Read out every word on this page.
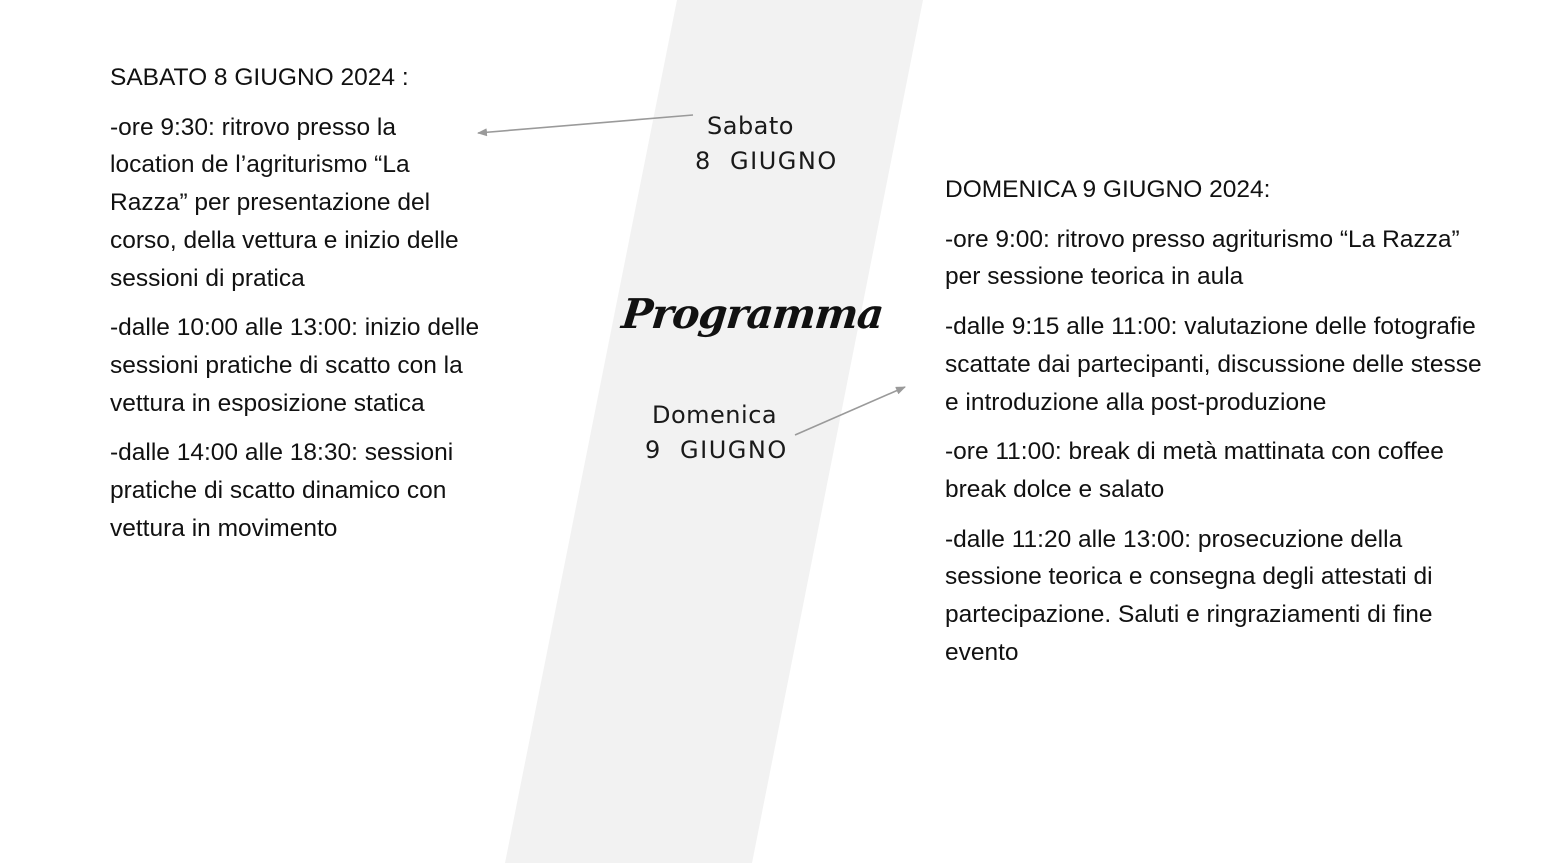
SABATO 8 GIUGNO 2024 :
-ore 9:30: ritrovo presso la location de l’agriturismo “La Razza” per presentazione del corso, della vettura e inizio delle sessioni di pratica
-dalle 10:00 alle 13:00: inizio delle sessioni pratiche di scatto con la vettura in esposizione statica
-dalle 14:00 alle 18:30: sessioni pratiche di scatto dinamico con vettura in movimento
Sabato
8  GIUGNO
Programma
Domenica
9  GIUGNO
DOMENICA 9 GIUGNO 2024:
-ore 9:00: ritrovo presso agriturismo “La Razza” per sessione teorica in aula
-dalle 9:15 alle 11:00: valutazione delle fotografie scattate dai partecipanti, discussione delle stesse e introduzione alla post-produzione
-ore 11:00: break di metà mattinata con coffee break dolce e salato
-dalle 11:20 alle 13:00: prosecuzione della sessione teorica e consegna degli attestati di partecipazione. Saluti e ringraziamenti di fine evento
